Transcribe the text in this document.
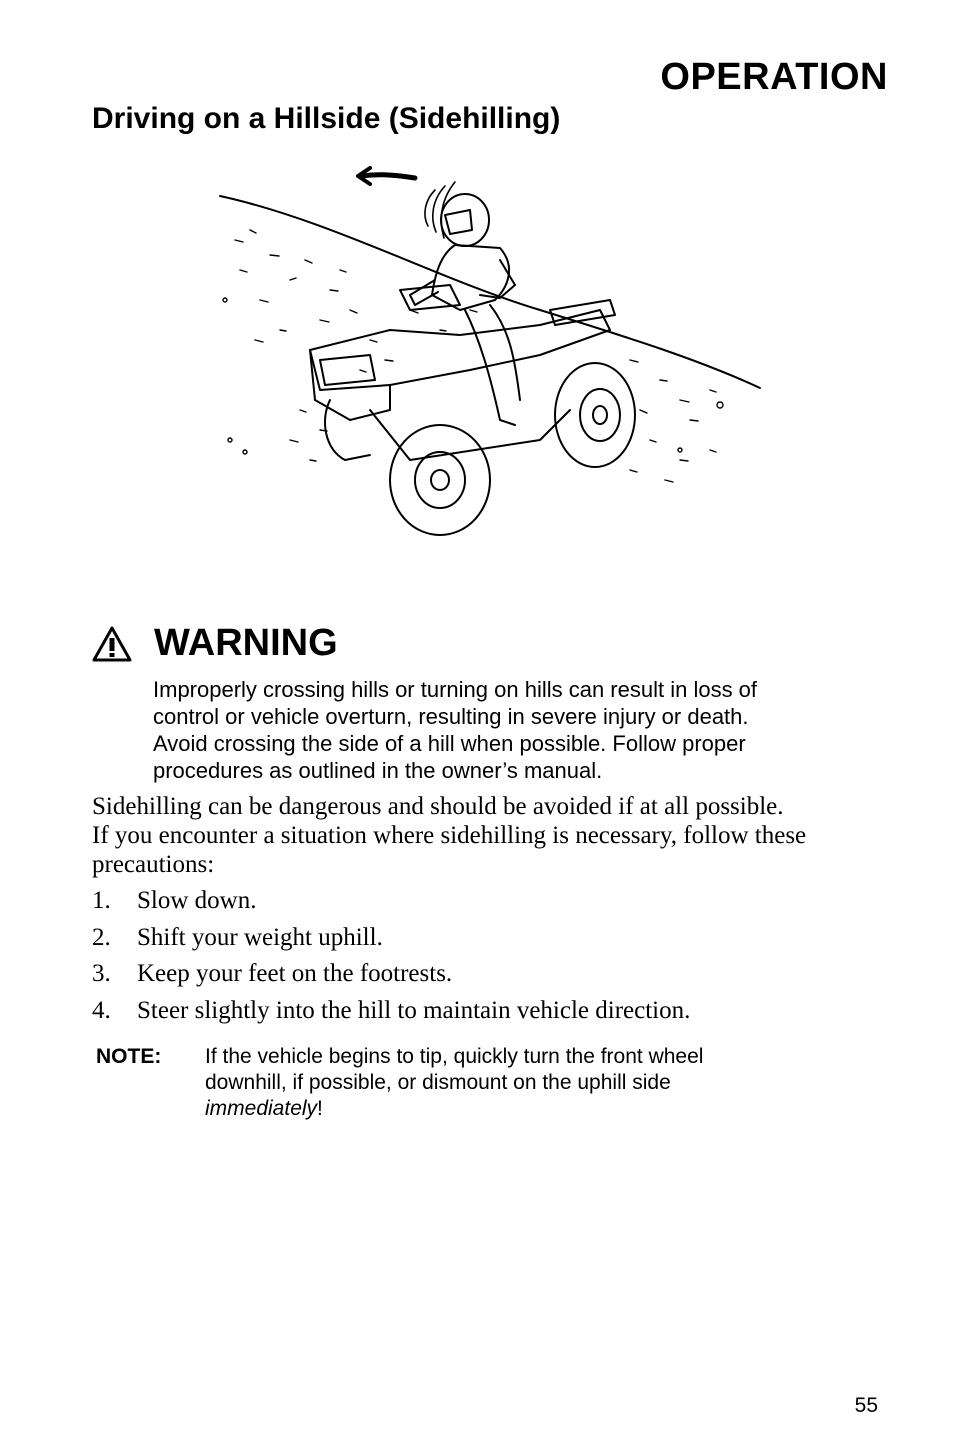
OPERATION
Driving on a Hillside (Sidehilling)
WARNING
Improperly crossing hills or turning on hills can result in loss of
control or vehicle overturn, resulting in severe injury or death.
Avoid crossing the side of a hill when possible. Follow proper
procedures as outlined in the owner’s manual.
Sidehilling can be dangerous and should be avoided if at all possible.
If you encounter a situation where sidehilling is necessary, follow these
precautions:
1.	Slow down.
2.	Shift your weight uphill.
3.	Keep your feet on the footrests.
4.	Steer slightly into the hill to maintain vehicle direction.
NOTE:	If the vehicle begins to tip, quickly turn the front wheel
downhill, if possible, or dismount on the uphill side
immediately!
55
